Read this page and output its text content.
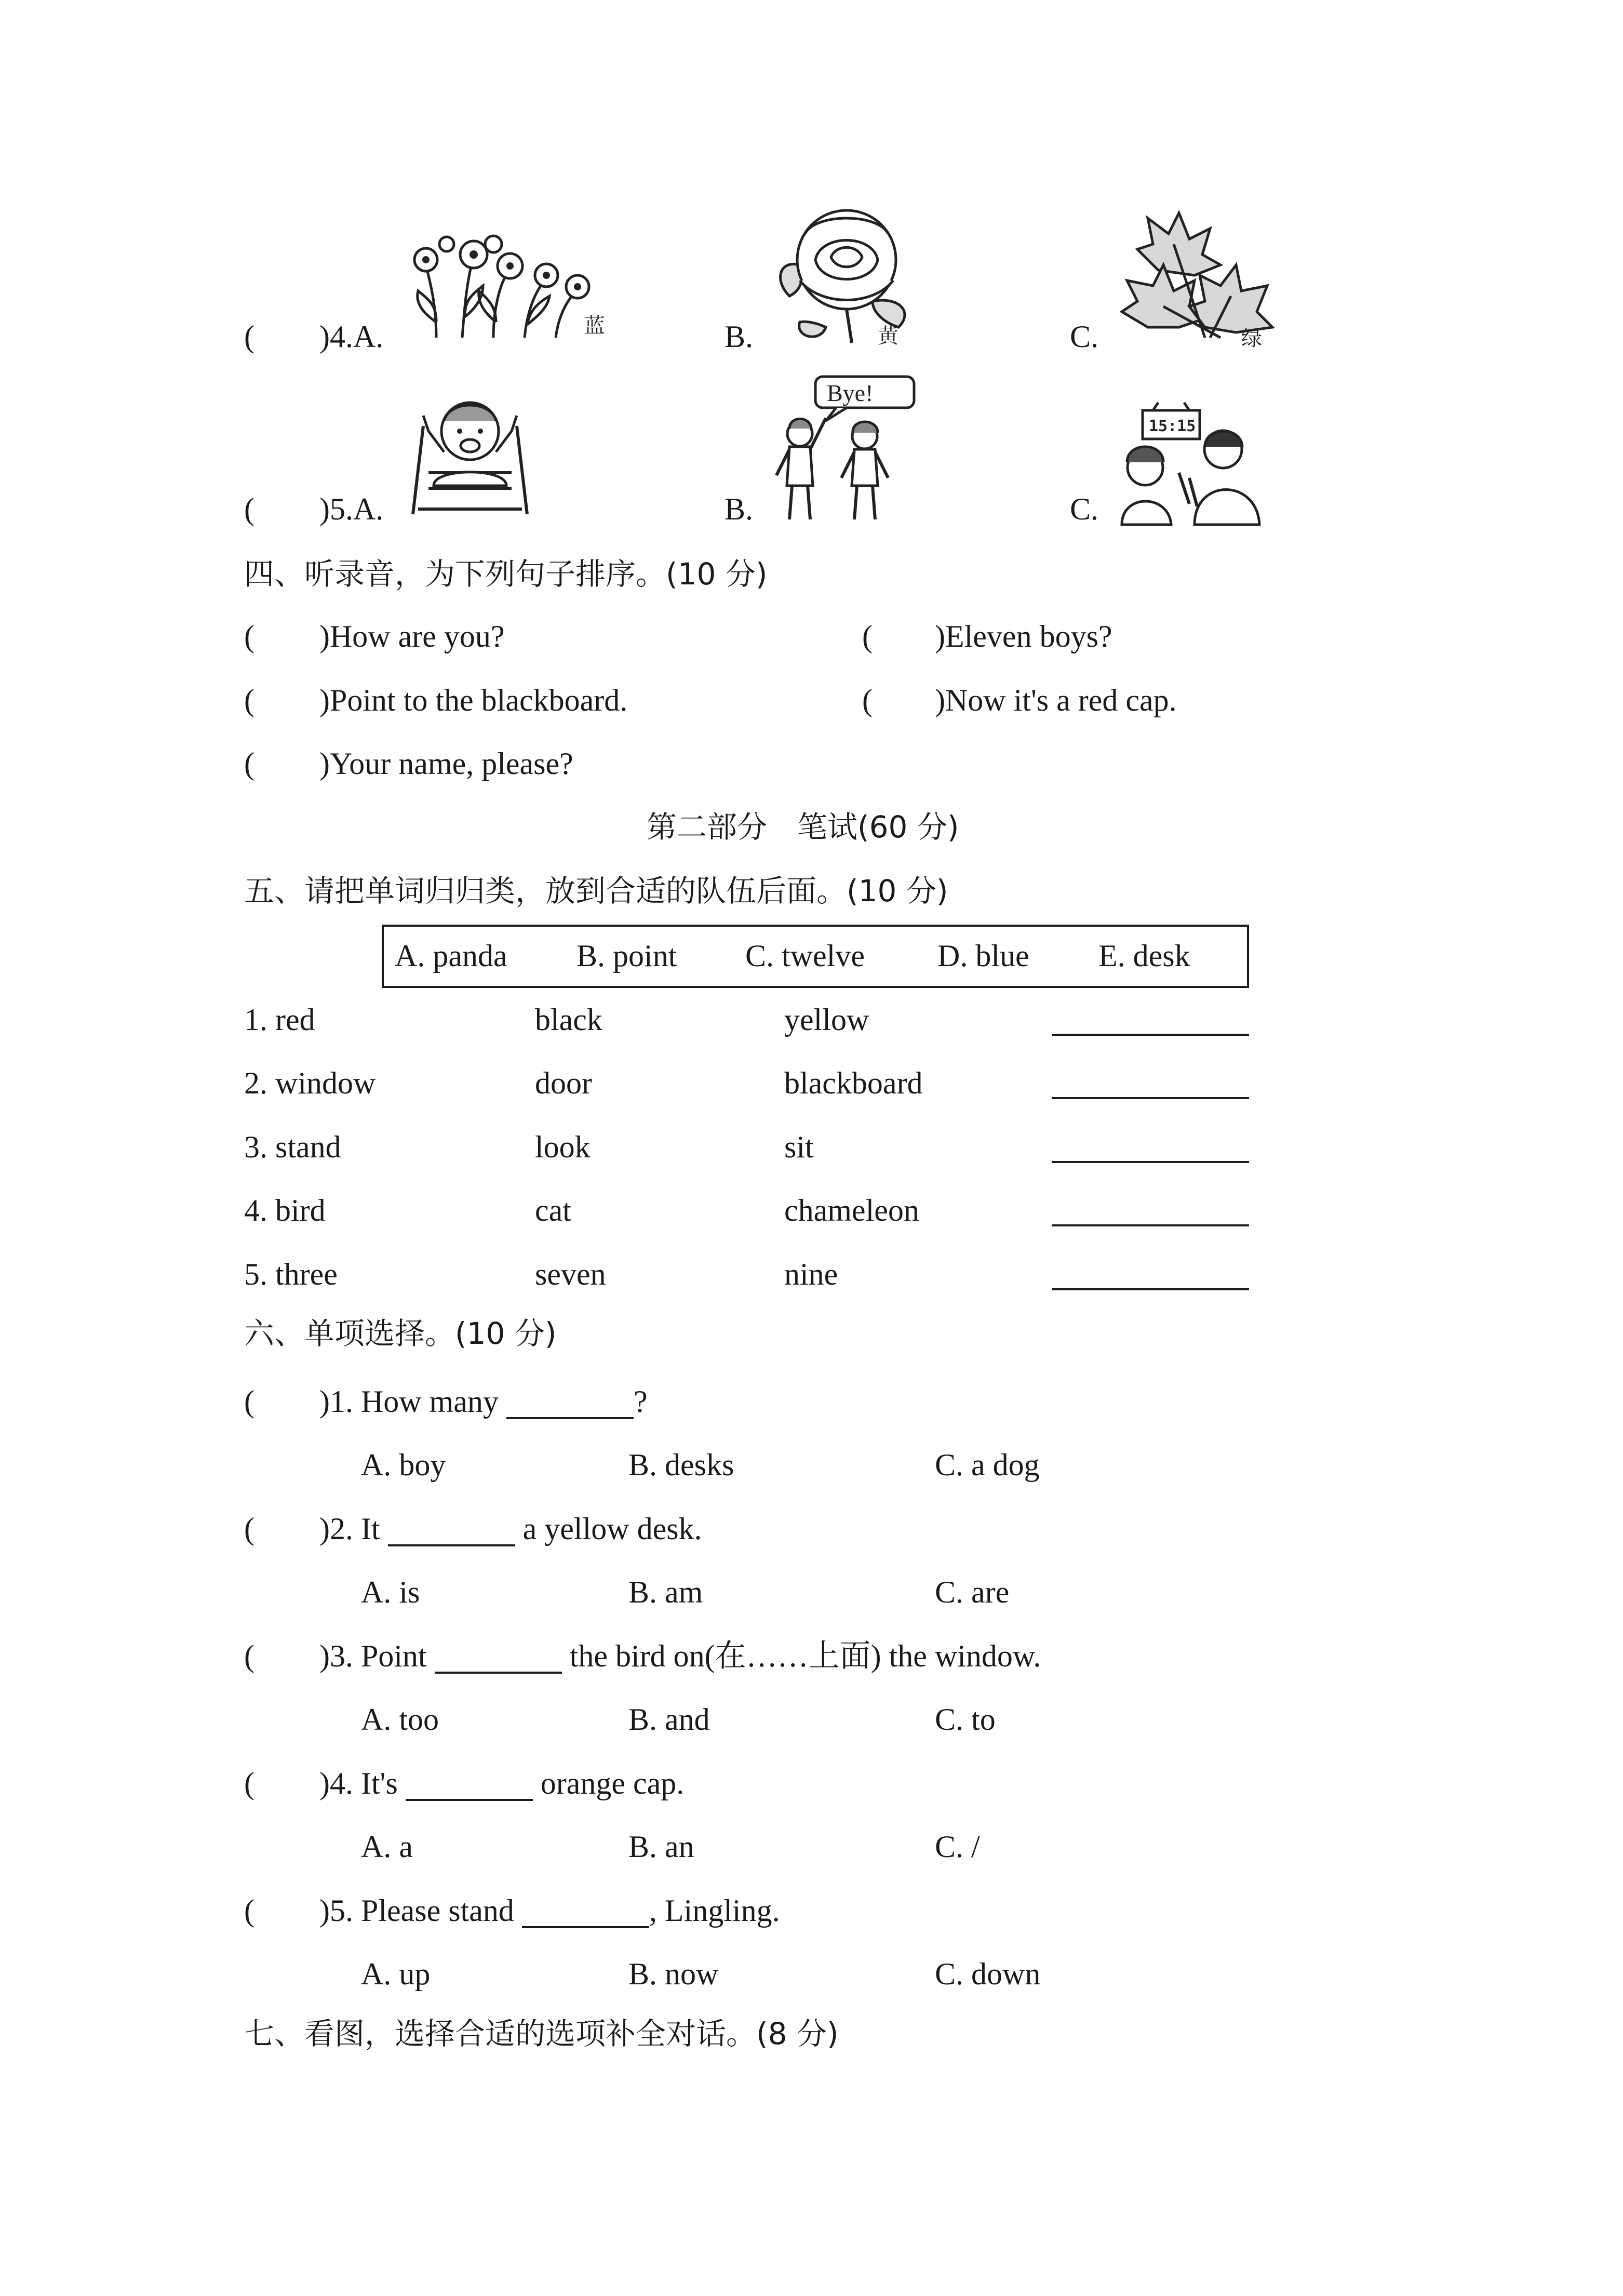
( )4.A.	蓝	B.	黄	C.	绿
( )5.A.	B.
Bye!
C.
15:15
四、听录音，为下列句子排序。(10 分)
( )How are you?	( )Eleven boys?
( )Point to the blackboard.	( )Now it's a red cap.
( )Your name, please?
第二部分　笔试(60 分)
五、请把单词归归类，放到合适的队伍后面。(10 分)
A. panda B. point C. twelve D. blue E. desk
1. red	black	yellow
2. window	door	blackboard
3. stand	look	sit
4. bird	cat	chameleon
5. three	seven	nine
六、单项选择。(10 分)
( )1. How many	?
A. boy	B. desks	C. a dog
( )2. It	a yellow desk.
A. is	B. am	C. are
( )3. Point	the bird on(在……上面) the window.
A. too	B. and	C. to
( )4. It's	orange cap.
A. a	B. an	C. /
( )5. Please stand	, Lingling.
A. up	B. now	C. down
七、看图，选择合适的选项补全对话。(8 分)
